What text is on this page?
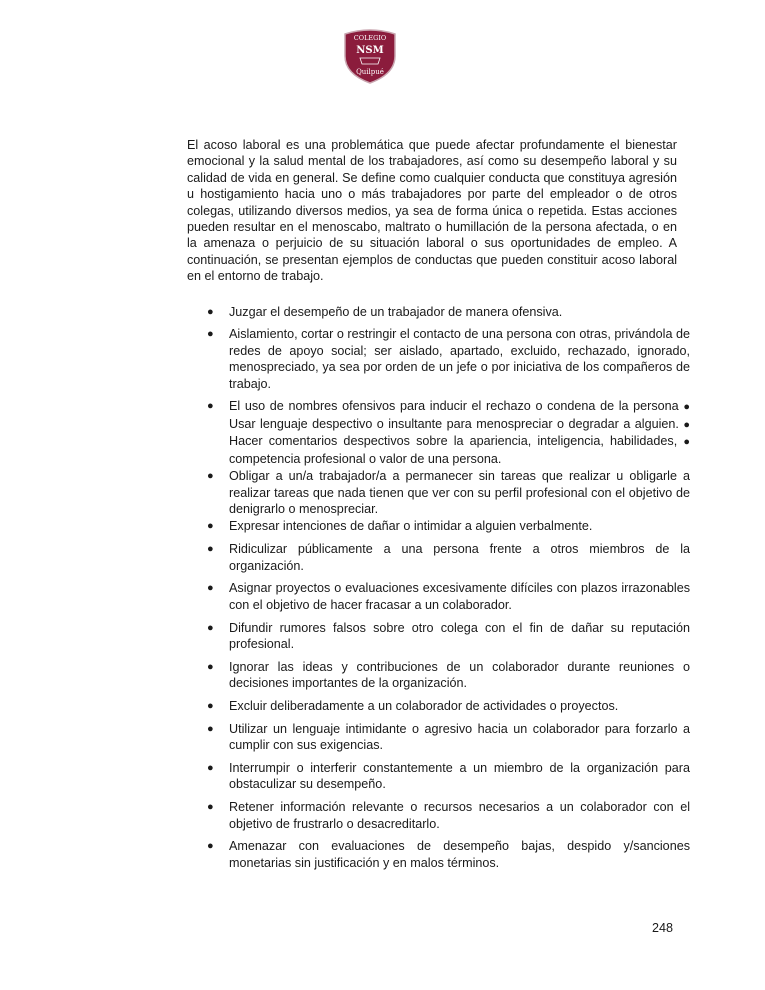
COLEGIO
NSM
Quilpué

El acoso laboral es una problemática que puede afectar profundamente el bienestar emocional y la salud mental de los trabajadores, así como su desempeño laboral y su calidad de vida en general. Se define como cualquier conducta que constituya agresión u hostigamiento hacia uno o más trabajadores por parte del empleador o de otros colegas, utilizando diversos medios, ya sea de forma única o repetida. Estas acciones pueden resultar en el menoscabo, maltrato o humillación de la persona afectada, o en la amenaza o perjuicio de su situación laboral o sus oportunidades de empleo. A continuación, se presentan ejemplos de conductas que pueden constituir acoso laboral en el entorno de trabajo.

● Juzgar el desempeño de un trabajador de manera ofensiva.
● Aislamiento, cortar o restringir el contacto de una persona con otras, privándola de redes de apoyo social; ser aislado, apartado, excluido, rechazado, ignorado, menospreciado, ya sea por orden de un jefe o por iniciativa de los compañeros de trabajo.
● El uso de nombres ofensivos para inducir el rechazo o condena de la persona ● Usar lenguaje despectivo o insultante para menospreciar o degradar a alguien. ● Hacer comentarios despectivos sobre la apariencia, inteligencia, habilidades, ● competencia profesional o valor de una persona.
● Obligar a un/a trabajador/a a permanecer sin tareas que realizar u obligarle a realizar tareas que nada tienen que ver con su perfil profesional con el objetivo de denigrarlo o menospreciar.
● Expresar intenciones de dañar o intimidar a alguien verbalmente.
● Ridiculizar públicamente a una persona frente a otros miembros de la organización.
● Asignar proyectos o evaluaciones excesivamente difíciles con plazos irrazonables con el objetivo de hacer fracasar a un colaborador.
● Difundir rumores falsos sobre otro colega con el fin de dañar su reputación profesional.
● Ignorar las ideas y contribuciones de un colaborador durante reuniones o decisiones importantes de la organización.
● Excluir deliberadamente a un colaborador de actividades o proyectos.
● Utilizar un lenguaje intimidante o agresivo hacia un colaborador para forzarlo a cumplir con sus exigencias.
● Interrumpir o interferir constantemente a un miembro de la organización para obstaculizar su desempeño.
● Retener información relevante o recursos necesarios a un colaborador con el objetivo de frustrarlo o desacreditarlo.
● Amenazar con evaluaciones de desempeño bajas, despido y/sanciones monetarias sin justificación y en malos términos.
248
